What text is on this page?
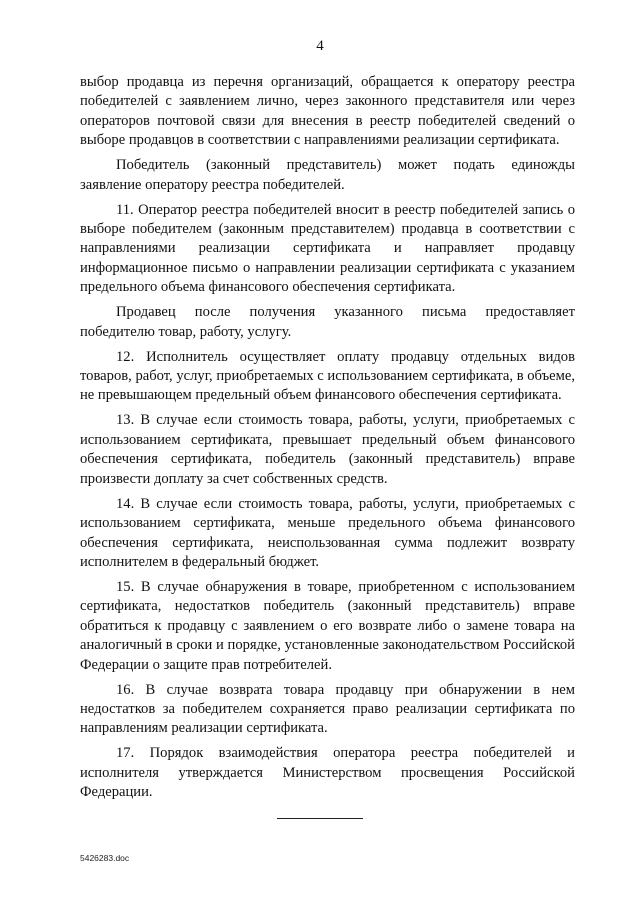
4

выбор продавца из перечня организаций, обращается к оператору реестра победителей с заявлением лично, через законного представителя или через операторов почтовой связи для внесения в реестр победителей сведений о выборе продавцов в соответствии с направлениями реализации сертификата.

Победитель (законный представитель) может подать единожды заявление оператору реестра победителей.

11. Оператор реестра победителей вносит в реестр победителей запись о выборе победителем (законным представителем) продавца в соответствии с направлениями реализации сертификата и направляет продавцу информационное письмо о направлении реализации сертификата с указанием предельного объема финансового обеспечения сертификата.

Продавец после получения указанного письма предоставляет победителю товар, работу, услугу.

12. Исполнитель осуществляет оплату продавцу отдельных видов товаров, работ, услуг, приобретаемых с использованием сертификата, в объеме, не превышающем предельный объем финансового обеспечения сертификата.

13. В случае если стоимость товара, работы, услуги, приобретаемых с использованием сертификата, превышает предельный объем финансового обеспечения сертификата, победитель (законный представитель) вправе произвести доплату за счет собственных средств.

14. В случае если стоимость товара, работы, услуги, приобретаемых с использованием сертификата, меньше предельного объема финансового обеспечения сертификата, неиспользованная сумма подлежит возврату исполнителем в федеральный бюджет.

15. В случае обнаружения в товаре, приобретенном с использованием сертификата, недостатков победитель (законный представитель) вправе обратиться к продавцу с заявлением о его возврате либо о замене товара на аналогичный в сроки и порядке, установленные законодательством Российской Федерации о защите прав потребителей.

16. В случае возврата товара продавцу при обнаружении в нем недостатков за победителем сохраняется право реализации сертификата по направлениям реализации сертификата.

17. Порядок взаимодействия оператора реестра победителей и исполнителя утверждается Министерством просвещения Российской Федерации.

5426283.doc
